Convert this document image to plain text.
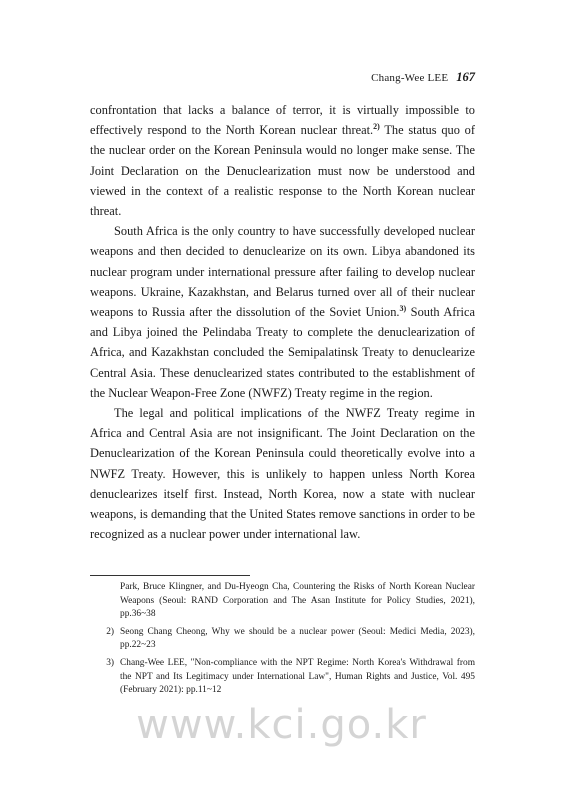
Chang-Wee LEE 167

confrontation that lacks a balance of terror, it is virtually impossible to effectively respond to the North Korean nuclear threat.$^{2)}$ The status quo of the nuclear order on the Korean Peninsula would no longer make sense. The Joint Declaration on the Denuclearization must now be understood and viewed in the context of a realistic response to the North Korean nuclear threat.

South Africa is the only country to have successfully developed nuclear weapons and then decided to denuclearize on its own. Libya abandoned its nuclear program under international pressure after failing to develop nuclear weapons. Ukraine, Kazakhstan, and Belarus turned over all of their nuclear weapons to Russia after the dissolution of the Soviet Union.$^{3)}$ South Africa and Libya joined the Pelindaba Treaty to complete the denuclearization of Africa, and Kazakhstan concluded the Semipalatinsk Treaty to denuclearize Central Asia. These denuclearized states contributed to the establishment of the Nuclear Weapon-Free Zone (NWFZ) Treaty regime in the region.

The legal and political implications of the NWFZ Treaty regime in Africa and Central Asia are not insignificant. The Joint Declaration on the Denuclearization of the Korean Peninsula could theoretically evolve into a NWFZ Treaty. However, this is unlikely to happen unless North Korea denuclearizes itself first. Instead, North Korea, now a state with nuclear weapons, is demanding that the United States remove sanctions in order to be recognized as a nuclear power under international law.

Park, Bruce Klingner, and Du-Hyeogn Cha, Countering the Risks of North Korean Nuclear Weapons (Seoul: RAND Corporation and The Asan Institute for Policy Studies, 2021), pp.36~38
2) Seong Chang Cheong, Why we should be a nuclear power (Seoul: Medici Media, 2023), pp.22~23
3) Chang-Wee LEE, "Non-compliance with the NPT Regime: North Korea's Withdrawal from the NPT and Its Legitimacy under International Law", Human Rights and Justice, Vol. 495 (February 2021): pp.11~12
www.kci.go.kr
